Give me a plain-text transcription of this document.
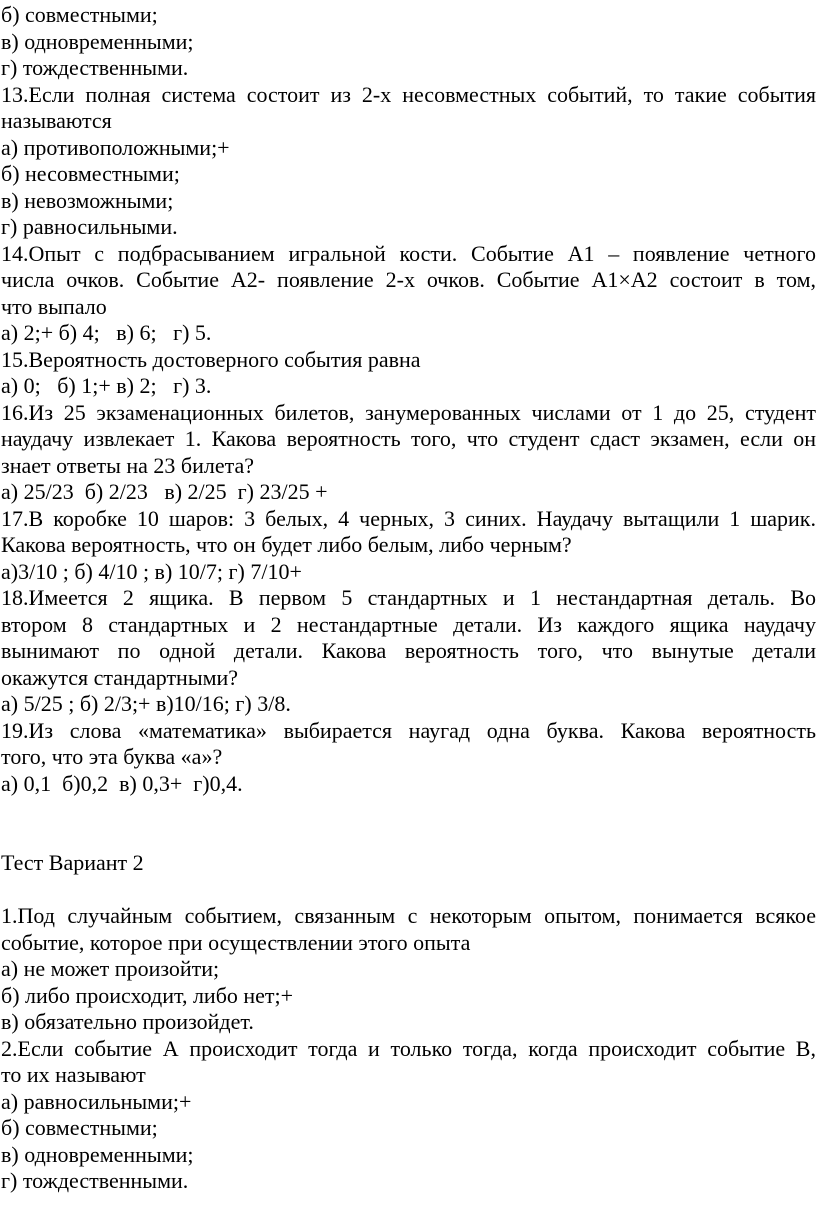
б) совместными;
в) одновременными;
г) тождественными.
13.Если полная система состоит из 2-х несовместных событий, то такие события
называются
а) противоположными;+
б) несовместными;
в) невозможными;
г) равносильными.
14.Опыт с подбрасыванием игральной кости. Событие А1 – появление четного
числа очков. Событие А2- появление 2-х очков. Событие А1×А2 состоит в том,
что выпало
а) 2;+ б) 4;   в) 6;   г) 5.
15.Вероятность достоверного события равна
а) 0;   б) 1;+ в) 2;   г) 3.
16.Из 25 экзаменационных билетов, занумерованных числами от 1 до 25, студент
наудачу извлекает 1. Какова вероятность того, что студент сдаст экзамен, если он
знает ответы на 23 билета?
а) 25/23  б) 2/23   в) 2/25  г) 23/25 +
17.В коробке 10 шаров: 3 белых, 4 черных, 3 синих. Наудачу вытащили 1 шарик.
Какова вероятность, что он будет либо белым, либо черным?
а)3/10 ; б) 4/10 ; в) 10/7; г) 7/10+
18.Имеется 2 ящика. В первом 5 стандартных и 1 нестандартная деталь. Во
втором 8 стандартных и 2 нестандартные детали. Из каждого ящика наудачу
вынимают по одной детали. Какова вероятность того, что вынутые детали
окажутся стандартными?
а) 5/25 ; б) 2/3;+ в)10/16; г) 3/8.
19.Из слова «математика» выбирается наугад одна буква. Какова вероятность
того, что эта буква «а»?
а) 0,1  б)0,2  в) 0,3+  г)0,4.
Тест Вариант 2
1.Под случайным событием, связанным с некоторым опытом, понимается всякое
событие, которое при осуществлении этого опыта
а) не может произойти;
б) либо происходит, либо нет;+
в) обязательно произойдет.
2.Если событие А происходит тогда и только тогда, когда происходит событие В,
то их называют
а) равносильными;+
б) совместными;
в) одновременными;
г) тождественными.
